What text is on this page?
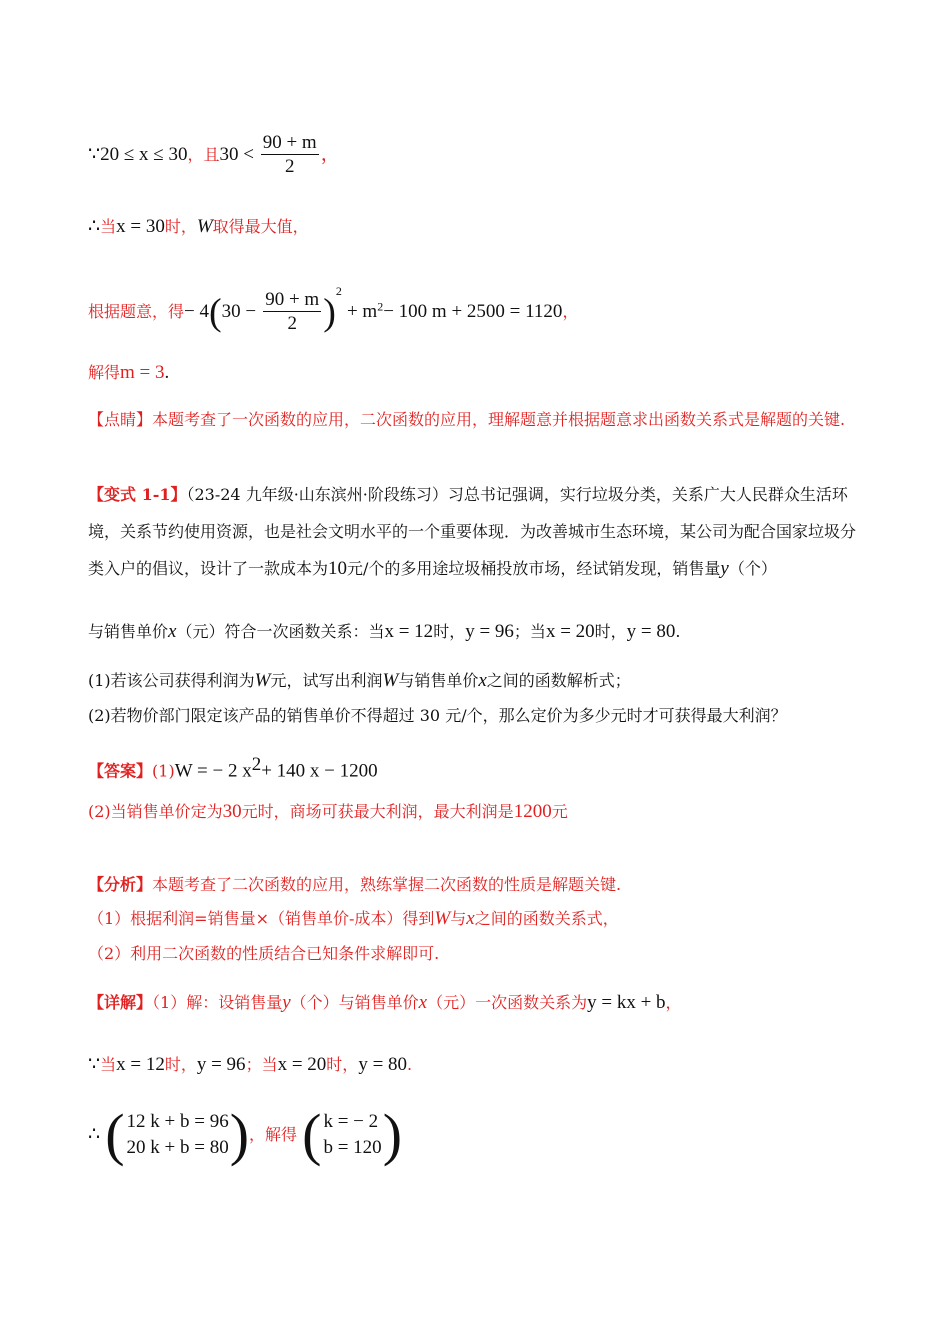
∵20 ≤ x ≤ 30，且$30 < \frac{90 + m}{2}$ ，
∴当x = 30时，W取得最大值，
根据题意，得− $4(30 - \frac{90 + m}{2} )^2 + m^2- 100$ m + 2500 = 1120，
解得m = 3.
【点睛】本题考查了一次函数的应用，二次函数的应用，理解题意并根据题意求出函数关系式是解题的关键.
【变式 1-1】（23-24 九年级·山东滨州·阶段练习）习总书记强调，实行垃圾分类，关系广大人民群众生活环境，关系节约使用资源，也是社会文明水平的一个重要体现．为改善城市生态环境，某公司为配合国家垃圾分类入户的倡议，设计了一款成本为10元/个的多用途垃圾桶投放市场，经试销发现，销售量y（个）
与销售单价x（元）符合一次函数关系：当x = 12时，y = 96；当x = 20时，y = 80.
(1)若该公司获得利润为W元，试写出利润W与销售单价x之间的函数解析式；
(2)若物价部门限定该产品的销售单价不得超过 30 元/个，那么定价为多少元时才可获得最大利润？
【答案】(1)W = − 2 $x^2+ 140$ x − 1200
(2)当销售单价定为30元时，商场可获最大利润，最大利润是1200元
【分析】本题考查了二次函数的应用，熟练掌握二次函数的性质是解题关键.
（1）根据利润=销售量×（销售单价-成本）得到W与x之间的函数关系式，
（2）利用二次函数的性质结合已知条件求解即可.
【详解】（1）解：设销售量y（个）与销售单价x（元）一次函数关系为y = kx + b，
∵当x = 12时，y = 96；当x = 20时，y = 80.
∴ ( 12 k + b = 96
20 k + b = 80 ) ，解得 ( k = − 2
b = 120 )
